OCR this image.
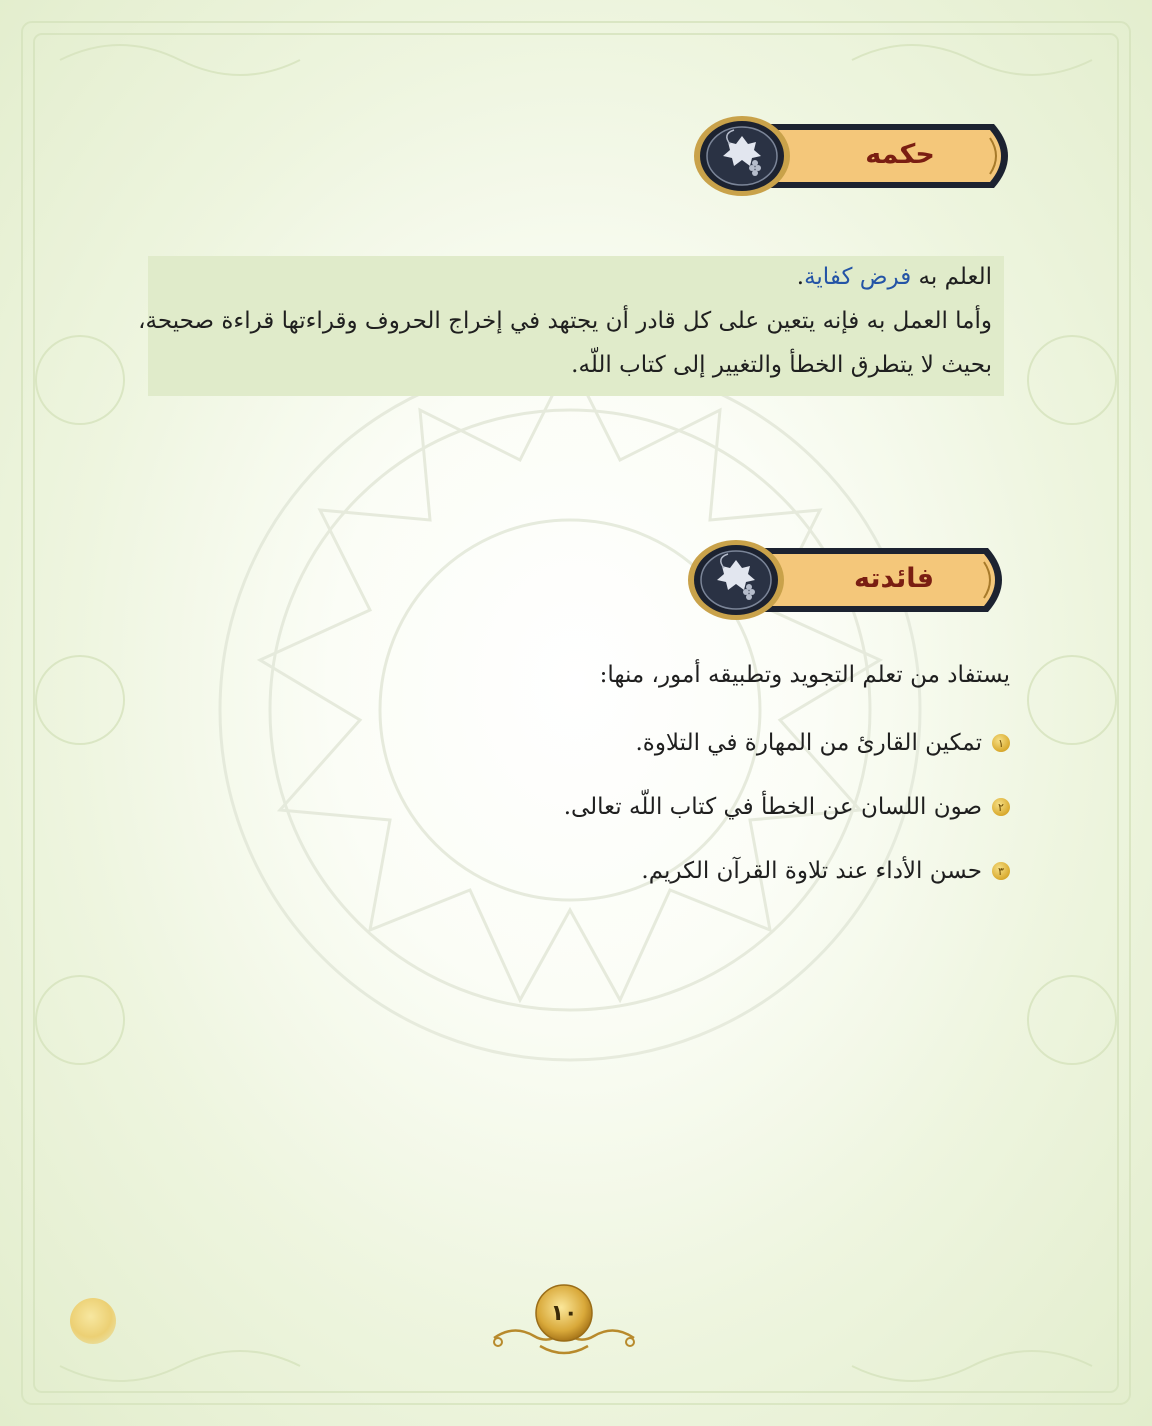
حكمه
العلم به فرض كفاية.
وأما العمل به فإنه يتعين على كل قادر أن يجتهد في إخراج الحروف وقراءتها قراءة صحيحة،
بحيث لا يتطرق الخطأ والتغيير إلى كتاب اللّه.
فائدته
يستفاد من تعلم التجويد وتطبيقه أمور، منها:
١
تمكين القارئ من المهارة في التلاوة.
٢
صون اللسان عن الخطأ في كتاب اللّه تعالى.
٣
حسن الأداء عند تلاوة القرآن الكريم.
١٠
